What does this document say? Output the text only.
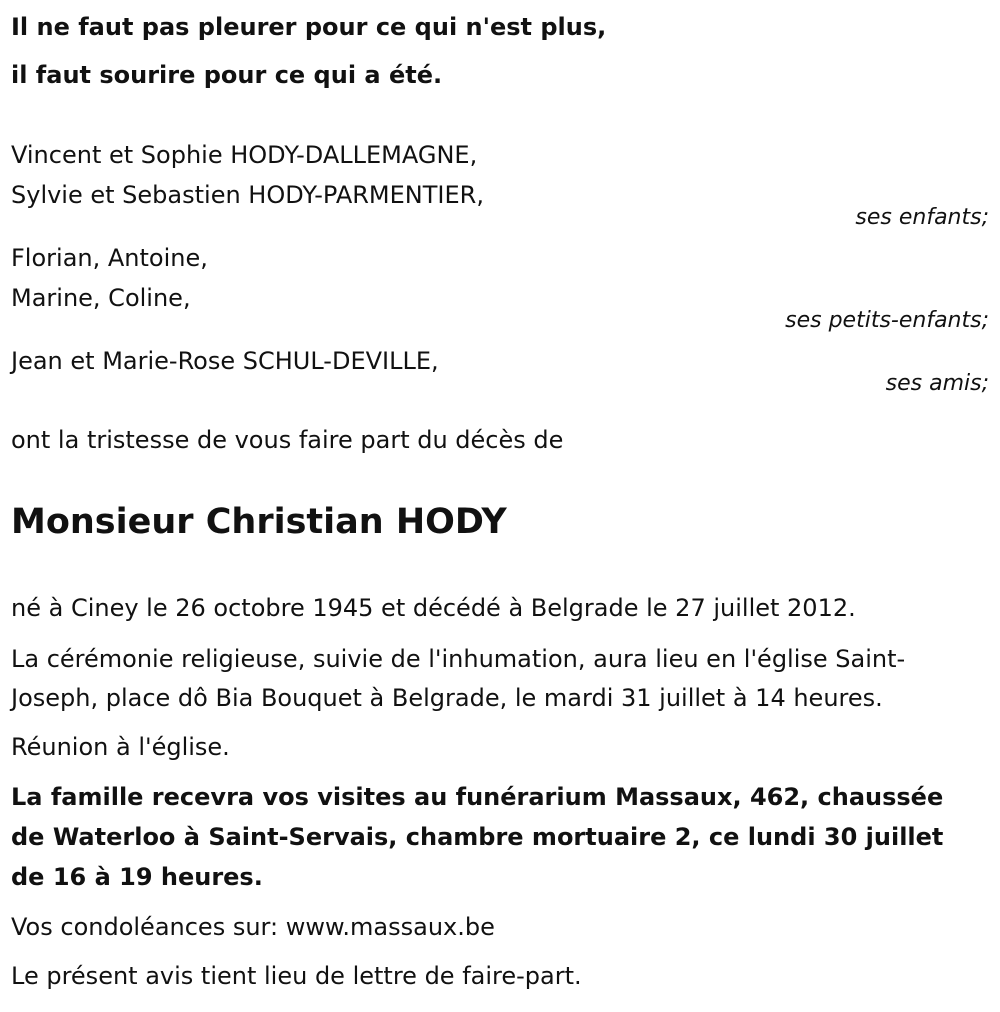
Il ne faut pas pleurer pour ce qui n'est plus,
il faut sourire pour ce qui a été.
Vincent et Sophie HODY-DALLEMAGNE,
Sylvie et Sebastien HODY-PARMENTIER,
ses enfants;
Florian, Antoine,
Marine, Coline,
ses petits-enfants;
Jean et Marie-Rose SCHUL-DEVILLE,
ses amis;
ont la tristesse de vous faire part du décès de
Monsieur Christian HODY
né à Ciney le 26 octobre 1945 et décédé à Belgrade le 27 juillet 2012.
La cérémonie religieuse, suivie de l'inhumation, aura lieu en l'église Saint-
Joseph, place dô Bia Bouquet à Belgrade, le mardi 31 juillet à 14 heures.
Réunion à l'église.
La famille recevra vos visites au funérarium Massaux, 462, chaussée
de Waterloo à Saint-Servais, chambre mortuaire 2, ce lundi 30 juillet
de 16 à 19 heures.
Vos condoléances sur: www.massaux.be
Le présent avis tient lieu de lettre de faire-part.
